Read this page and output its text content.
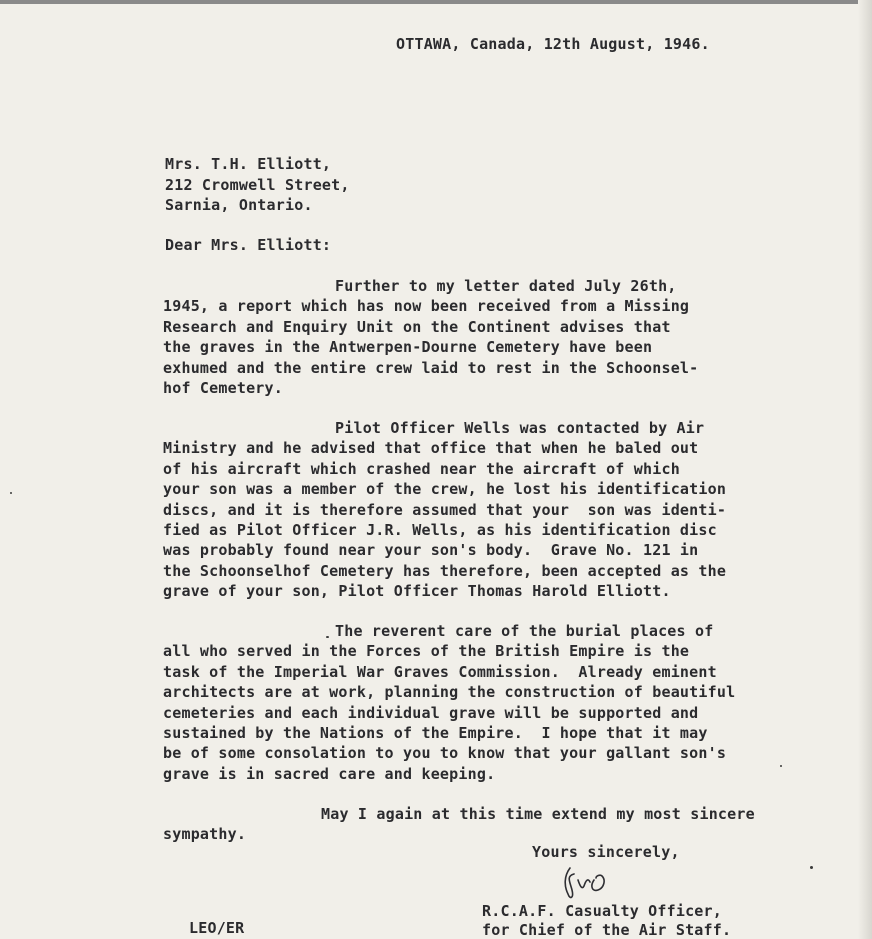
OTTAWA, Canada, 12th August, 1946.
Mrs. T.H. Elliott,
212 Cromwell Street,
Sarnia, Ontario.
Dear Mrs. Elliott:
Further to my letter dated July 26th,
1945, a report which has now been received from a Missing
Research and Enquiry Unit on the Continent advises that
the graves in the Antwerpen-Dourne Cemetery have been
exhumed and the entire crew laid to rest in the Schoonsel-
hof Cemetery.
Pilot Officer Wells was contacted by Air
Ministry and he advised that office that when he baled out
of his aircraft which crashed near the aircraft of which
your son was a member of the crew, he lost his identification
discs, and it is therefore assumed that your  son was identi-
fied as Pilot Officer J.R. Wells, as his identification disc
was probably found near your son's body.  Grave No. 121 in
the Schoonselhof Cemetery has therefore, been accepted as the
grave of your son, Pilot Officer Thomas Harold Elliott.
The reverent care of the burial places of
all who served in the Forces of the British Empire is the
task of the Imperial War Graves Commission.  Already eminent
architects are at work, planning the construction of beautiful
cemeteries and each individual grave will be supported and
sustained by the Nations of the Empire.  I hope that it may
be of some consolation to you to know that your gallant son's
grave is in sacred care and keeping.
May I again at this time extend my most sincere
sympathy.
Yours sincerely,
R.C.A.F. Casualty Officer,
for Chief of the Air Staff.
LEO/ER
